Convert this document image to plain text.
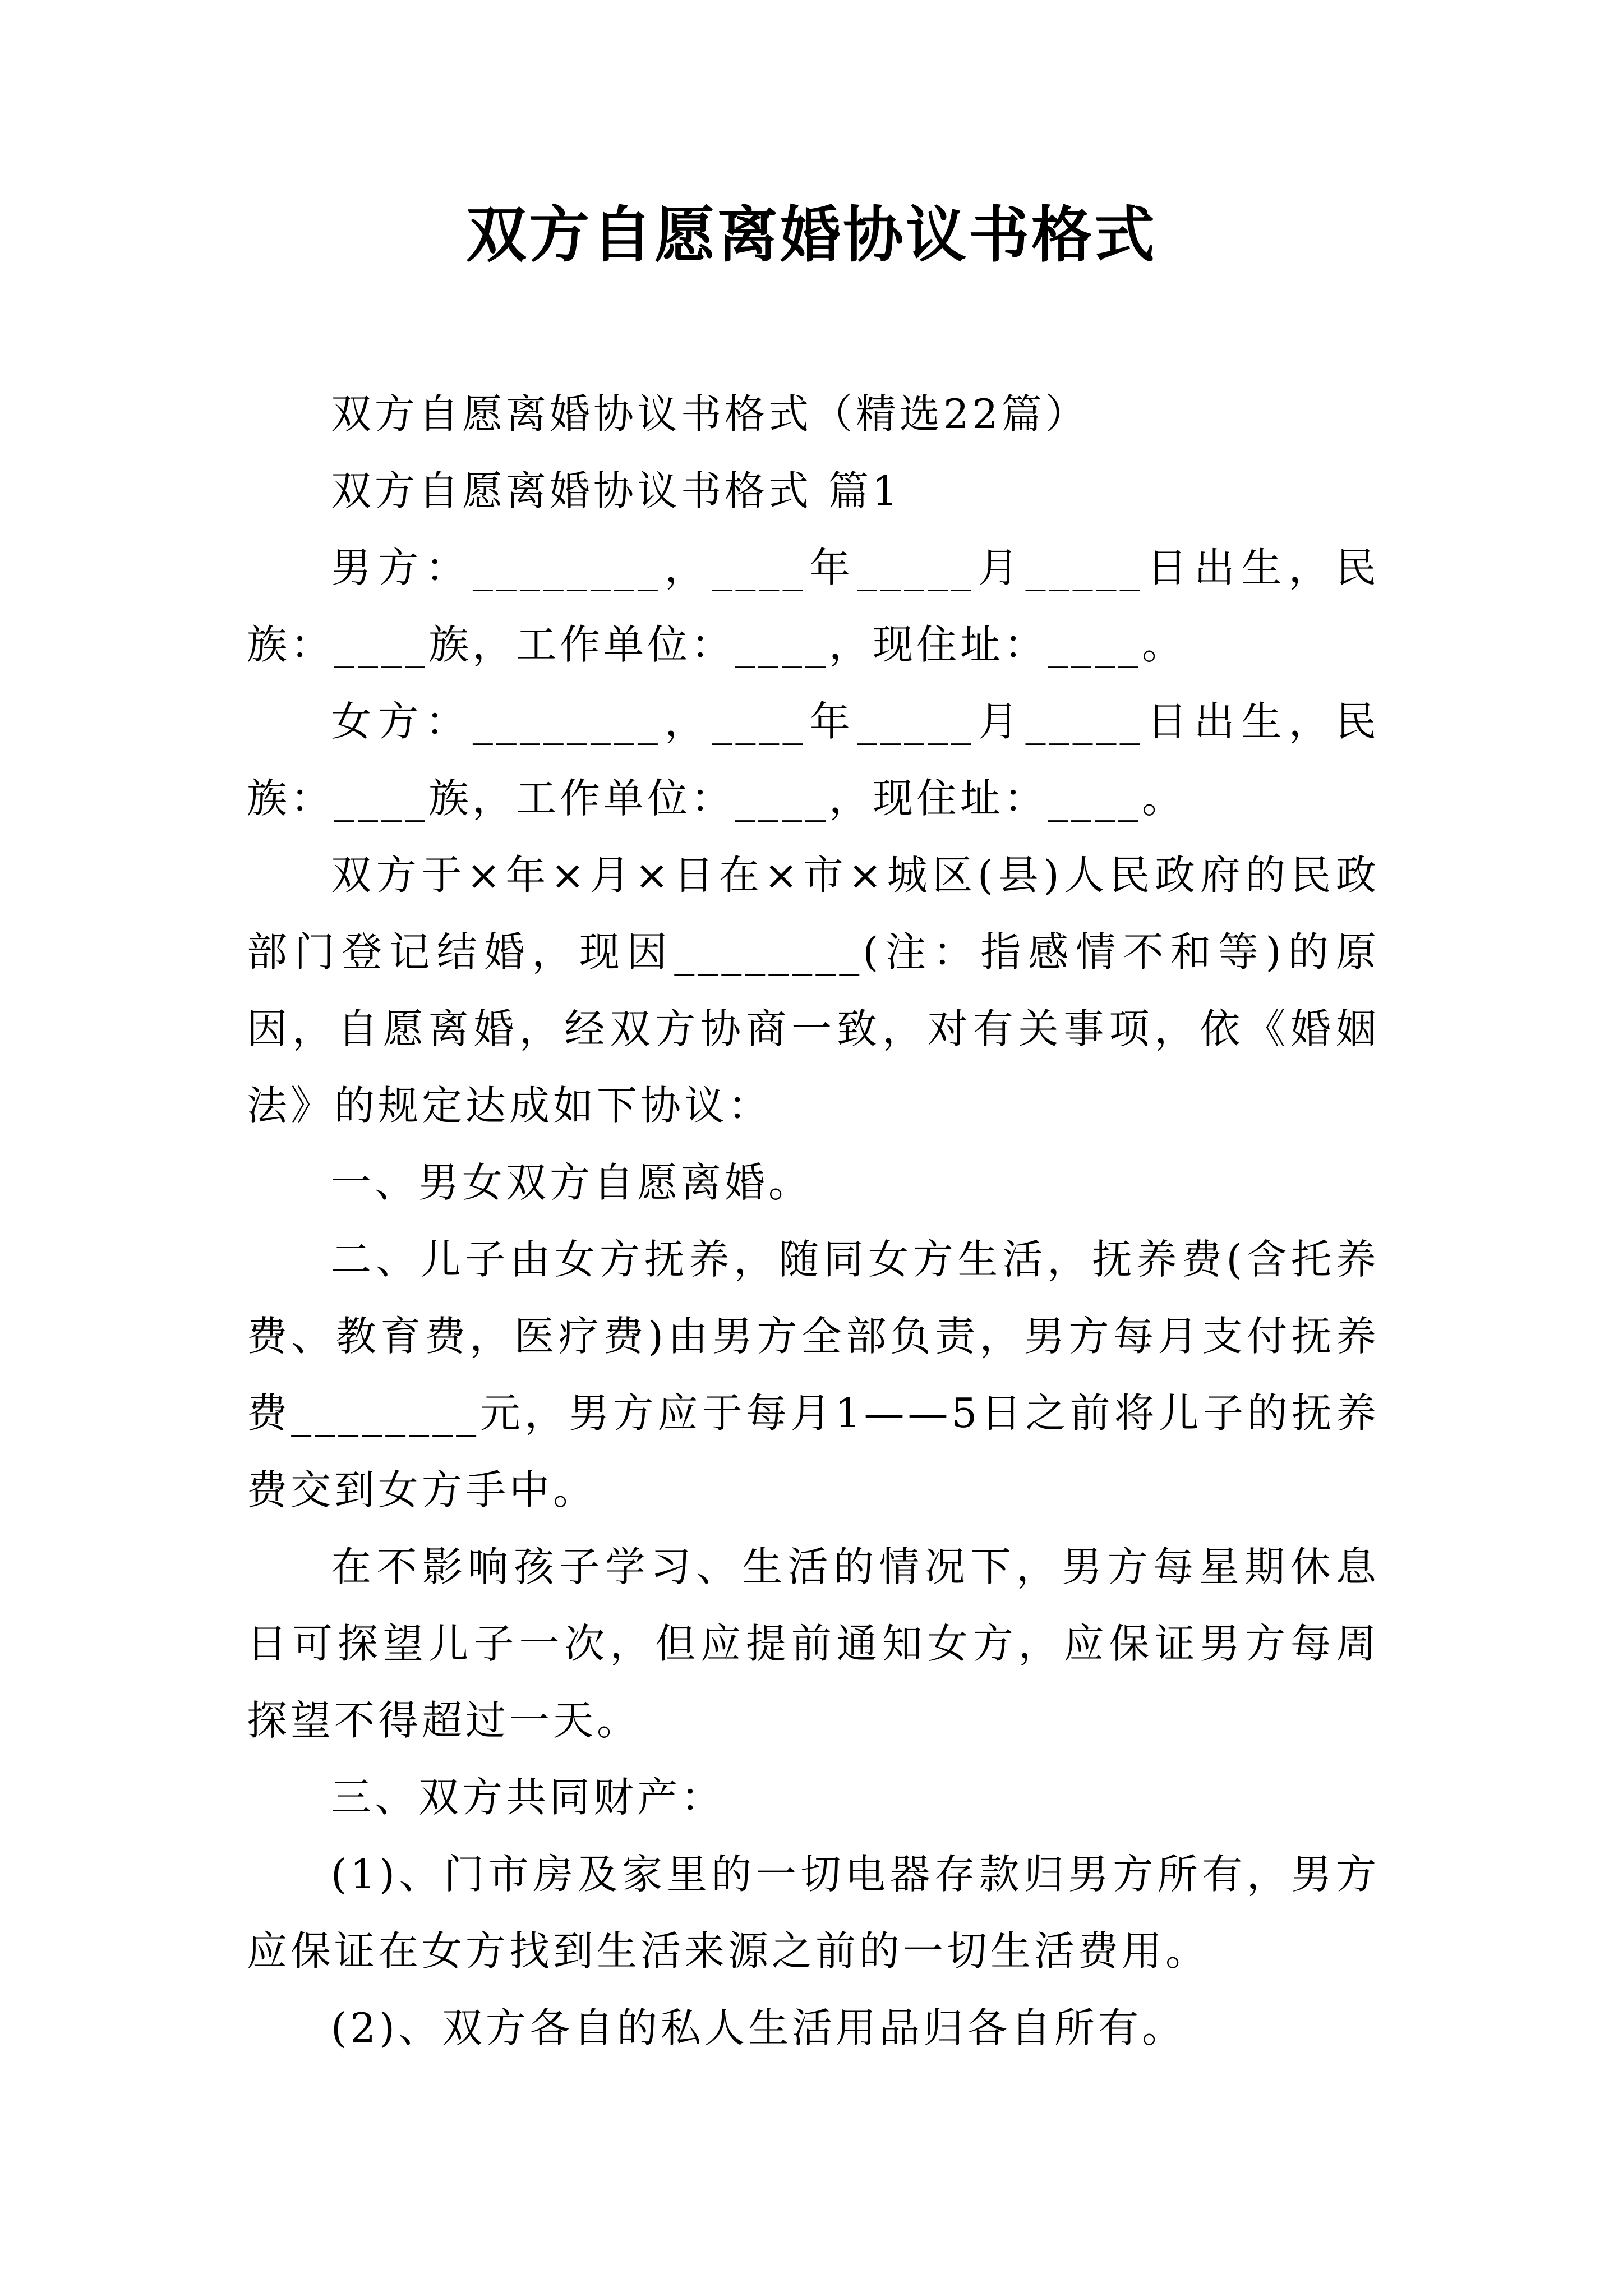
双方自愿离婚协议书格式

双方自愿离婚协议书格式（精选22篇）

双方自愿离婚协议书格式 篇1

男方：________，____年_____月_____日出生，民族：____族，工作单位：____，现住址：____。

女方：________，____年_____月_____日出生，民族：____族，工作单位：____，现住址：____。

双方于×年×月×日在×市×城区(县)人民政府的民政部门登记结婚，现因________(注：指感情不和等)的原因，自愿离婚，经双方协商一致，对有关事项，依《婚姻法》的规定达成如下协议：

一、男女双方自愿离婚。

二、儿子由女方抚养，随同女方生活，抚养费(含托养费、教育费，医疗费)由男方全部负责，男方每月支付抚养费________元，男方应于每月1——5日之前将儿子的抚养费交到女方手中。

在不影响孩子学习、生活的情况下，男方每星期休息日可探望儿子一次，但应提前通知女方，应保证男方每周探望不得超过一天。

三、双方共同财产：

(1)、门市房及家里的一切电器存款归男方所有，男方应保证在女方找到生活来源之前的一切生活费用。

(2)、双方各自的私人生活用品归各自所有。
